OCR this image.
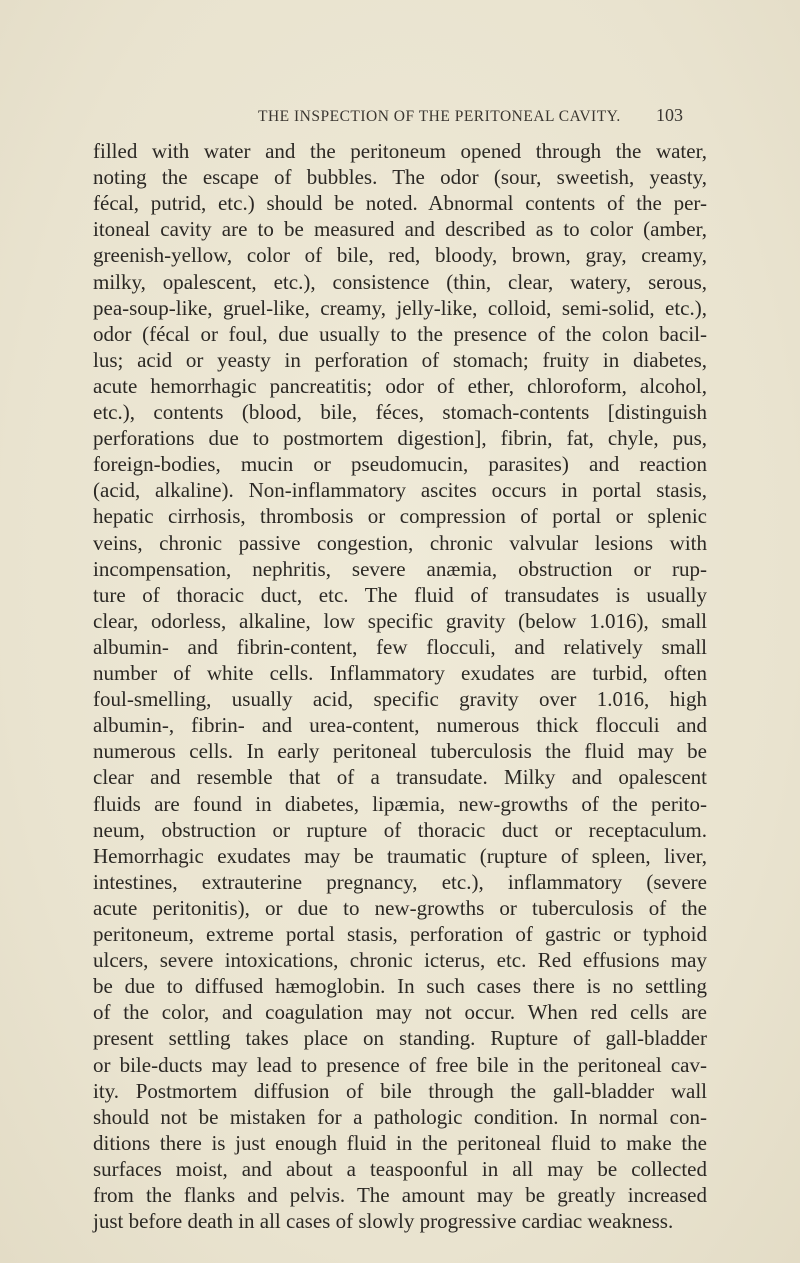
THE INSPECTION OF THE PERITONEAL CAVITY. 103
filled with water and the peritoneum opened through the water,
noting the escape of bubbles. The odor (sour, sweetish, yeasty,
fécal, putrid, etc.) should be noted. Abnormal contents of the per-
itoneal cavity are to be measured and described as to color (amber,
greenish-yellow, color of bile, red, bloody, brown, gray, creamy,
milky, opalescent, etc.), consistence (thin, clear, watery, serous,
pea-soup-like, gruel-like, creamy, jelly-like, colloid, semi-solid, etc.),
odor (fécal or foul, due usually to the presence of the colon bacil-
lus; acid or yeasty in perforation of stomach; fruity in diabetes,
acute hemorrhagic pancreatitis; odor of ether, chloroform, alcohol,
etc.), contents (blood, bile, féces, stomach-contents [distinguish
perforations due to postmortem digestion], fibrin, fat, chyle, pus,
foreign-bodies, mucin or pseudomucin, parasites) and reaction
(acid, alkaline). Non-inflammatory ascites occurs in portal stasis,
hepatic cirrhosis, thrombosis or compression of portal or splenic
veins, chronic passive congestion, chronic valvular lesions with
incompensation, nephritis, severe anæmia, obstruction or rup-
ture of thoracic duct, etc. The fluid of transudates is usually
clear, odorless, alkaline, low specific gravity (below 1.016), small
albumin- and fibrin-content, few flocculi, and relatively small
number of white cells. Inflammatory exudates are turbid, often
foul-smelling, usually acid, specific gravity over 1.016, high
albumin-, fibrin- and urea-content, numerous thick flocculi and
numerous cells. In early peritoneal tuberculosis the fluid may be
clear and resemble that of a transudate. Milky and opalescent
fluids are found in diabetes, lipæmia, new-growths of the perito-
neum, obstruction or rupture of thoracic duct or receptaculum.
Hemorrhagic exudates may be traumatic (rupture of spleen, liver,
intestines, extrauterine pregnancy, etc.), inflammatory (severe
acute peritonitis), or due to new-growths or tuberculosis of the
peritoneum, extreme portal stasis, perforation of gastric or typhoid
ulcers, severe intoxications, chronic icterus, etc. Red effusions may
be due to diffused hæmoglobin. In such cases there is no settling
of the color, and coagulation may not occur. When red cells are
present settling takes place on standing. Rupture of gall-bladder
or bile-ducts may lead to presence of free bile in the peritoneal cav-
ity. Postmortem diffusion of bile through the gall-bladder wall
should not be mistaken for a pathologic condition. In normal con-
ditions there is just enough fluid in the peritoneal fluid to make the
surfaces moist, and about a teaspoonful in all may be collected
from the flanks and pelvis. The amount may be greatly increased
just before death in all cases of slowly progressive cardiac weakness.
